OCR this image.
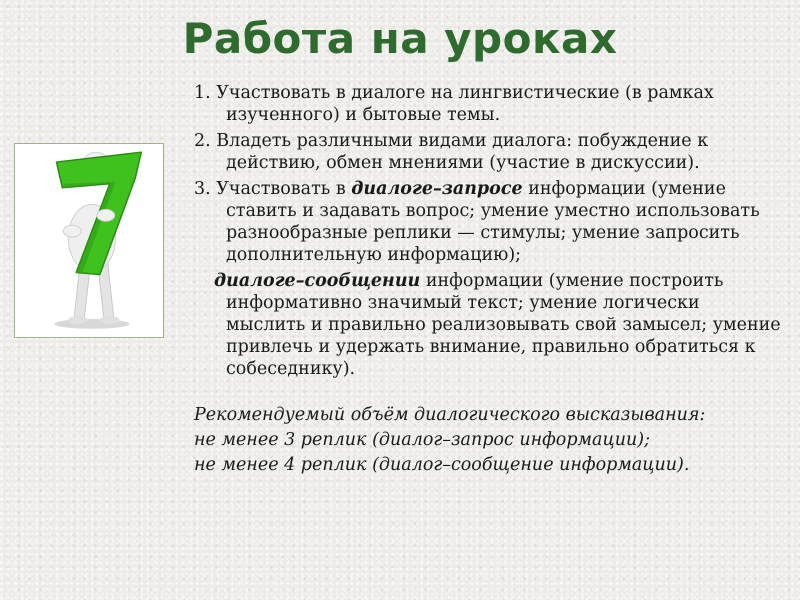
Работа на уроках
1. Участвовать в диалоге на лингвистические (в рамках изученного) и бытовые темы.
2. Владеть различными видами диалога: побуждение к действию, обмен мнениями (участие в дискуссии).
3. Участвовать в диалоге–запросе информации (умение ставить и задавать вопрос; умение уместно использовать разнообразные реплики — стимулы; умение запросить дополнительную информацию);
диалоге–сообщении информации (умение построить информативно значимый текст; умение логически мыслить и правильно реализовывать свой замысел; умение привлечь и удержать внимание, правильно обратиться к собеседнику).
Рекомендуемый объём диалогического высказывания:
не менее 3 реплик (диалог–запрос информации);
не менее 4 реплик (диалог–сообщение информации).
